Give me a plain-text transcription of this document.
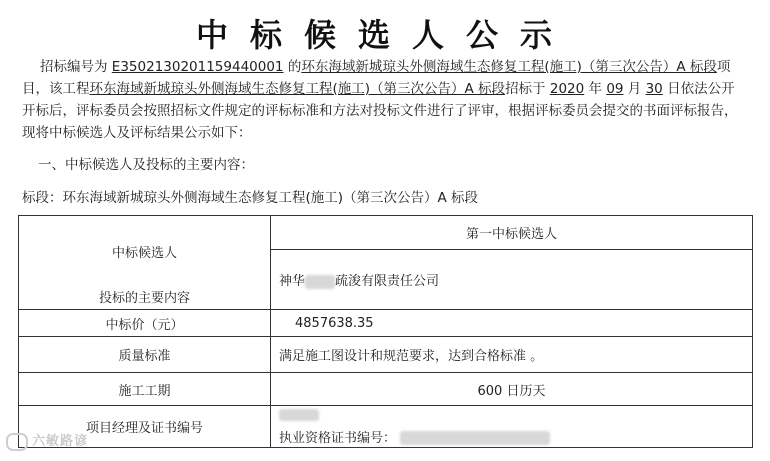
中标候选人公示
招标编号为 E3502130201159440001 的环东海域新城琼头外侧海域生态修复工程(施工)（第三次公告）A 标段项目，该工程环东海域新城琼头外侧海域生态修复工程(施工)（第三次公告）A 标段招标于 2020 年 09 月 30 日依法公开开标后，评标委员会按照招标文件规定的评标标准和方法对投标文件进行了评审，根据评标委员会提交的书面评标报告，现将中标候选人及评标结果公示如下：
一、中标候选人及投标的主要内容：
标段：环东海域新城琼头外侧海域生态修复工程(施工)（第三次公告）A 标段
中标候选人
投标的主要内容	第一中标候选人
	神华 疏浚有限责任公司
中标价（元）	4857638.35
质量标准	满足施工图设计和规范要求，达到合格标准 。
施工工期	600 日历天
项目经理及证书编号	执业资格证书编号：
六敏路谚
